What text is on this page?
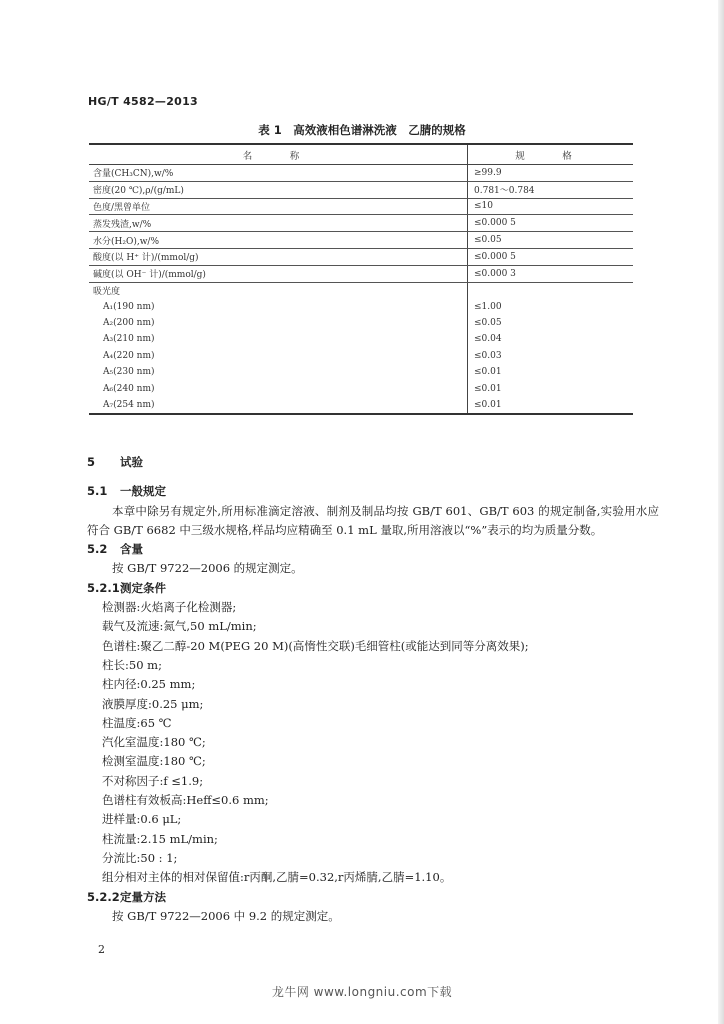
HG/T 4582—2013
表 1　高效液相色谱淋洗液　乙腈的规格
名　称	规　格
含量(CH₃CN),w/%	≥99.9
密度(20 ℃),ρ/(g/mL)	0.781～0.784
色度/黑曾单位	≤10
蒸发残渣,w/%	≤0.000 5
水分(H₂O),w/%	≤0.05
酸度(以 H⁺ 计)/(mmol/g)	≤0.000 5
碱度(以 OH⁻ 计)/(mmol/g)	≤0.000 3
吸光度	
A₁(190 nm)	≤1.00
A₂(200 nm)	≤0.05
A₃(210 nm)	≤0.04
A₄(220 nm)	≤0.03
A₅(230 nm)	≤0.01
A₆(240 nm)	≤0.01
A₇(254 nm)	≤0.01

5 试验

5.1 一般规定

本章中除另有规定外,所用标准滴定溶液、制剂及制品均按 GB/T 601、GB/T 603 的规定制备,实验用水应符合 GB/T 6682 中三级水规格,样品均应精确至 0.1 mL 量取,所用溶液以“%”表示的均为质量分数。

5.2 含量

按 GB/T 9722—2006 的规定测定。

5.2.1测定条件

检测器:火焰离子化检测器;

载气及流速:氮气,50 mL/min;

色谱柱:聚乙二醇-20 M(PEG 20 M)(高惰性交联)毛细管柱(或能达到同等分离效果);

柱长:50 m;

柱内径:0.25 mm;

液膜厚度:0.25 μm;

柱温度:65 ℃

汽化室温度:180 ℃;

检测室温度:180 ℃;

不对称因子:f ≤1.9;

色谱柱有效板高:Heff≤0.6 mm;

进样量:0.6 μL;

柱流量:2.15 mL/min;

分流比:50 : 1;

组分相对主体的相对保留值:r丙酮,乙腈=0.32,r丙烯腈,乙腈=1.10。

5.2.2定量方法

按 GB/T 9722—2006 中 9.2 的规定测定。

2
龙牛网 www.longniu.com下载
